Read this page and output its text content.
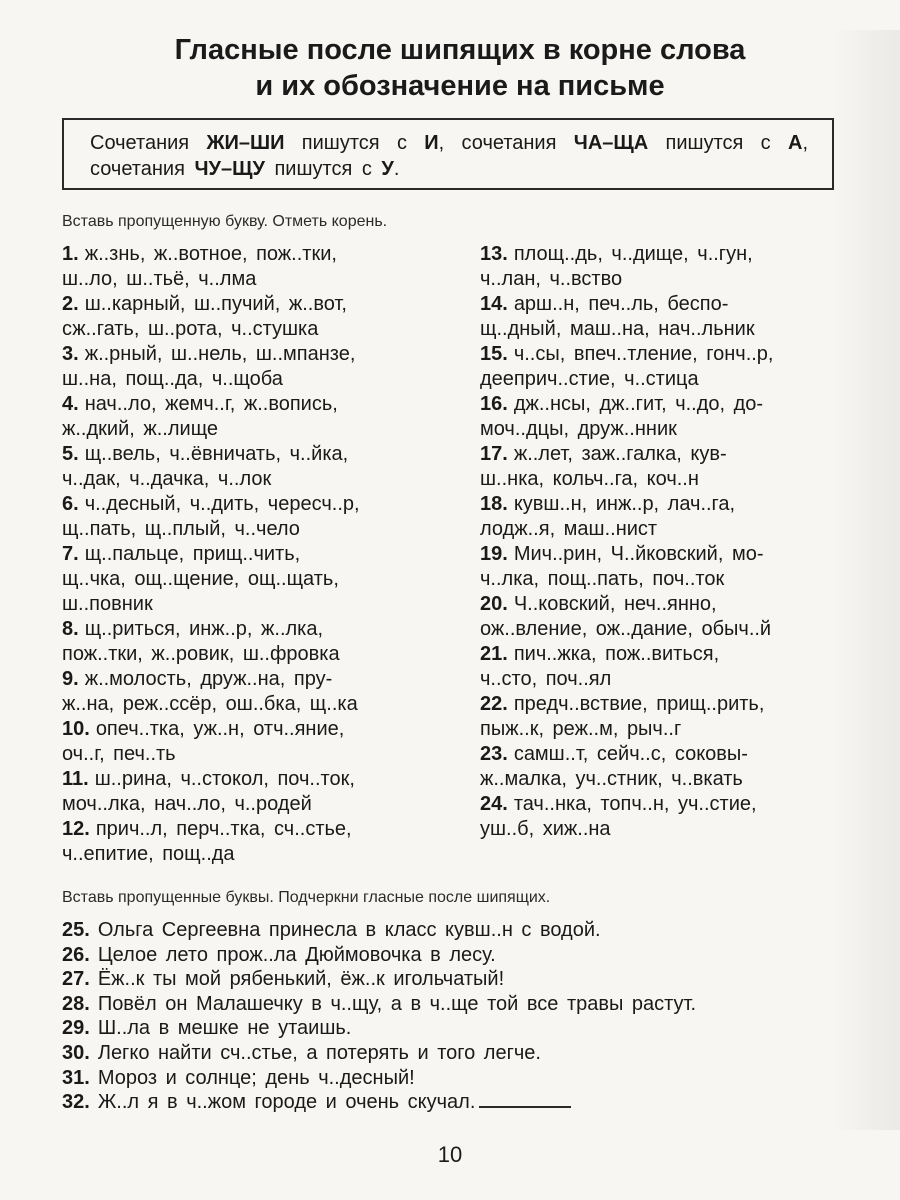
Гласные после шипящих в корне слова
и их обозначение на письме
Сочетания ЖИ–ШИ пишутся с И, сочетания ЧА–ЩА пишутся с А, сочетания ЧУ–ЩУ пишутся с У.
Вставь пропущенную букву. Отметь корень.
1. ж..знь, ж..вотное, пож..тки,
ш..ло, ш..тьё, ч..лма
2. ш..карный, ш..пучий, ж..вот,
сж..гать, ш..рота, ч..стушка
3. ж..рный, ш..нель, ш..мпанзе,
ш..на, пощ..да, ч..щоба
4. нач..ло, жемч..г, ж..вопись,
ж..дкий, ж..лище
5. щ..вель, ч..ёвничать, ч..йка,
ч..дак, ч..дачка, ч..лок
6. ч..десный, ч..дить, чересч..р,
щ..пать, щ..плый, ч..чело
7. щ..пальце, прищ..чить,
щ..чка, ощ..щение, ощ..щать,
ш..повник
8. щ..риться, инж..р, ж..лка,
пож..тки, ж..ровик, ш..фровка
9. ж..молость, друж..на, пру-
ж..на, реж..ссёр, ош..бка, щ..ка
10. опеч..тка, уж..н, отч..яние,
оч..г, печ..ть
11. ш..рина, ч..стокол, поч..ток,
моч..лка, нач..ло, ч..родей
12. прич..л, перч..тка, сч..стье,
ч..епитие, пощ..да
13. площ..дь, ч..дище, ч..гун,
ч..лан, ч..вство
14. арш..н, печ..ль, беспо-
щ..дный, маш..на, нач..льник
15. ч..сы, впеч..тление, гонч..р,
дееприч..стие, ч..стица
16. дж..нсы, дж..гит, ч..до, до-
моч..дцы, друж..нник
17. ж..лет, заж..галка, кув-
ш..нка, кольч..га, коч..н
18. кувш..н, инж..р, лач..га,
лодж..я, маш..нист
19. Мич..рин, Ч..йковский, мо-
ч..лка, пощ..пать, поч..ток
20. Ч..ковский, неч..янно,
ож..вление, ож..дание, обыч..й
21. пич..жка, пож..виться,
ч..сто, поч..ял
22. предч..вствие, прищ..рить,
пыж..к, реж..м, рыч..г
23. самш..т, сейч..с, соковы-
ж..малка, уч..стник, ч..вкать
24. тач..нка, топч..н, уч..стие,
уш..б, хиж..на
Вставь пропущенные буквы. Подчеркни гласные после шипящих.
25. Ольга Сергеевна принесла в класс кувш..н с водой.
26. Целое лето прож..ла Дюймовочка в лесу.
27. Ёж..к ты мой рябенький, ёж..к игольчатый!
28. Повёл он Малашечку в ч..щу, а в ч..ще той все травы растут.
29. Ш..ла в мешке не утаишь.
30. Легко найти сч..стье, а потерять и того легче.
31. Мороз и солнце; день ч..десный!
32. Ж..л я в ч..жом городе и очень скучал.
10
